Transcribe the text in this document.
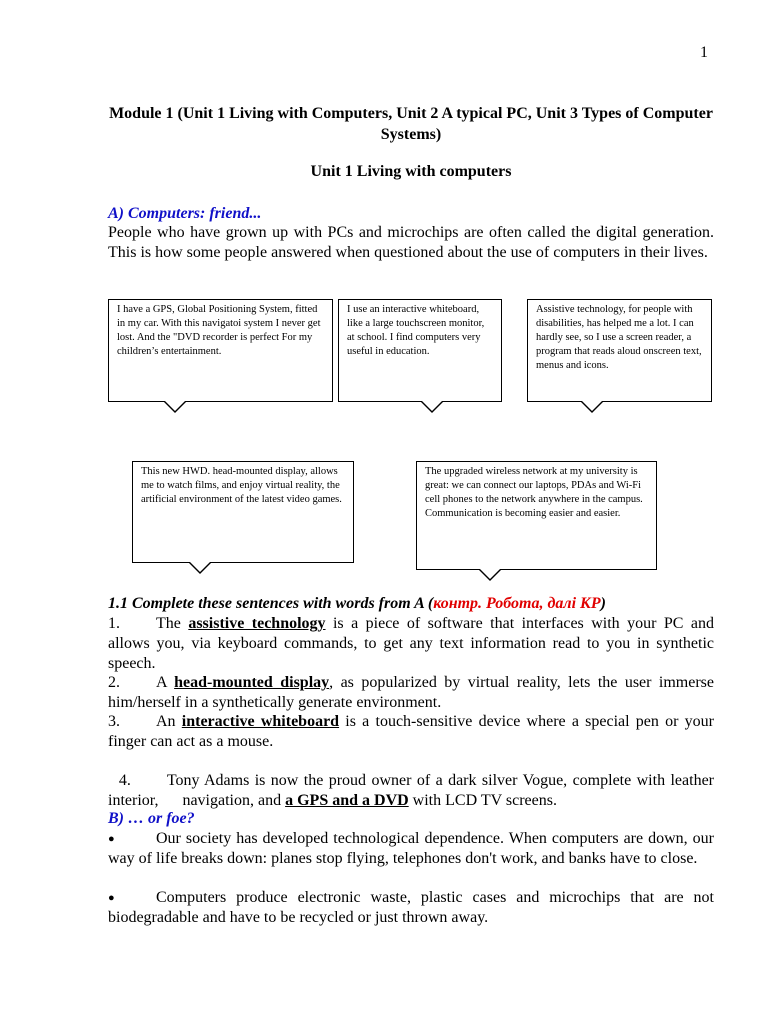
1
Module 1 (Unit 1 Living with Computers, Unit 2 A typical PC, Unit 3 Types of Computer Systems)
Unit 1 Living with computers
A) Computers: friend...
People who have grown up with PCs and microchips are often called the digital generation. This is how some people answered when questioned about the use of computers in their lives.
I have a GPS, Global Positioning System, fitted in my car. With this navigatoi system I never get lost. And the "DVD recorder is perfect For my children’s entertainment.
I use an interactive whiteboard, like a large touchscreen monitor, at school. I find computers very useful in education.
Assistive technology, for people with disabilities, has helped me a lot. I can hardly see, so I use a screen reader, a program that reads aloud onscreen text, menus and icons.
This new HWD. head-mounted display, allows me to watch films, and enjoy virtual reality, the artificial environment of the latest video games.
The upgraded wireless network at my university is great: we can connect our laptops, PDAs and Wi-Fi cell phones to the network anywhere in the campus. Communication is becoming easier and easier.
1.1 Complete these sentences with words from A (контр. Робота, далі КР)
1. The assistive technology is a piece of software that interfaces with your PC and allows you, via keyboard commands, to get any text information read to you in synthetic speech.
2. A head-mounted display, as popularized by virtual reality, lets the user immerse him/herself in a synthetically generate environment.
3. An interactive whiteboard is a touch-sensitive device where a special pen or your finger can act as a mouse.

4. Tony Adams is now the proud owner of a dark silver Vogue, complete with leather interior,      navigation, and a GPS and a DVD with LCD TV screens.

B) … or foe?
●	Our society has developed technological dependence. When computers are down, our way of life breaks down: planes stop flying, telephones don't work, and banks have to close.
●	Computers produce electronic waste, plastic cases and microchips that are not biodegradable and have to be recycled or just thrown away.
